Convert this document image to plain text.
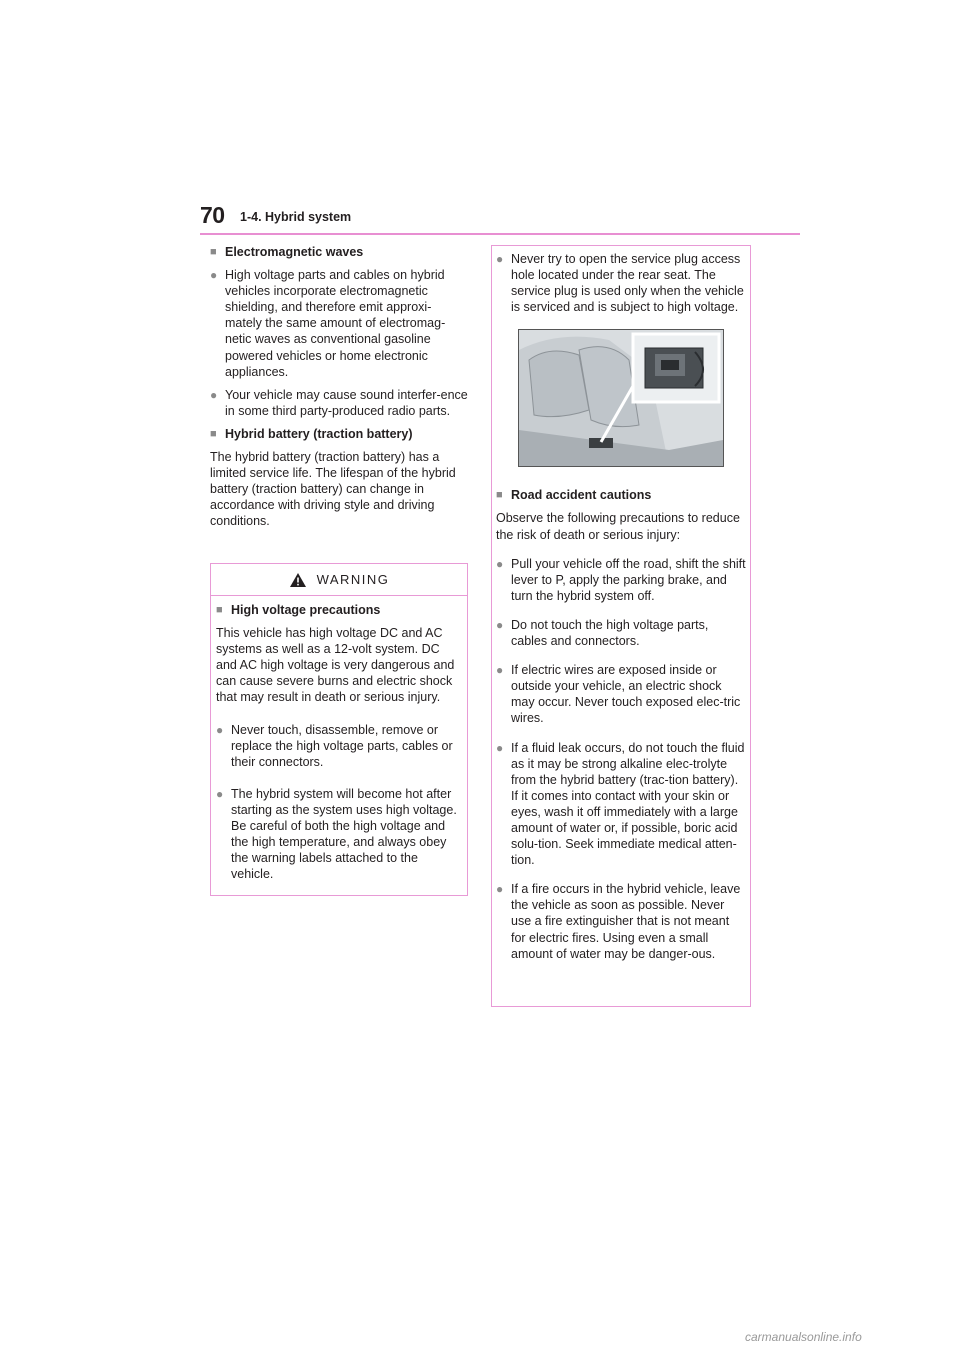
70 1-4. Hybrid system
■ Electromagnetic waves
● High voltage parts and cables on hybrid vehicles incorporate electromagnetic shielding, and therefore emit approxi-mately the same amount of electromag-netic waves as conventional gasoline powered vehicles or home electronic appliances.
● Your vehicle may cause sound interfer-ence in some third party-produced radio parts.
■ Hybrid battery (traction battery)
The hybrid battery (traction battery) has a limited service life. The lifespan of the hybrid battery (traction battery) can change in accordance with driving style and driving conditions.
WARNING
■ High voltage precautions
This vehicle has high voltage DC and AC systems as well as a 12-volt system. DC and AC high voltage is very dangerous and can cause severe burns and electric shock that may result in death or serious injury.
● Never touch, disassemble, remove or replace the high voltage parts, cables or their connectors.
● The hybrid system will become hot after starting as the system uses high voltage. Be careful of both the high voltage and the high temperature, and always obey the warning labels attached to the vehicle.
● Never try to open the service plug access hole located under the rear seat. The service plug is used only when the vehicle is serviced and is subject to high voltage.
■ Road accident cautions
Observe the following precautions to reduce the risk of death or serious injury:
● Pull your vehicle off the road, shift the shift lever to P, apply the parking brake, and turn the hybrid system off.
● Do not touch the high voltage parts, cables and connectors.
● If electric wires are exposed inside or outside your vehicle, an electric shock may occur. Never touch exposed elec-tric wires.
● If a fluid leak occurs, do not touch the fluid as it may be strong alkaline elec-trolyte from the hybrid battery (trac-tion battery). If it comes into contact with your skin or eyes, wash it off immediately with a large amount of water or, if possible, boric acid solu-tion. Seek immediate medical atten-tion.
● If a fire occurs in the hybrid vehicle, leave the vehicle as soon as possible. Never use a fire extinguisher that is not meant for electric fires. Using even a small amount of water may be danger-ous.
carmanualsonline.info
